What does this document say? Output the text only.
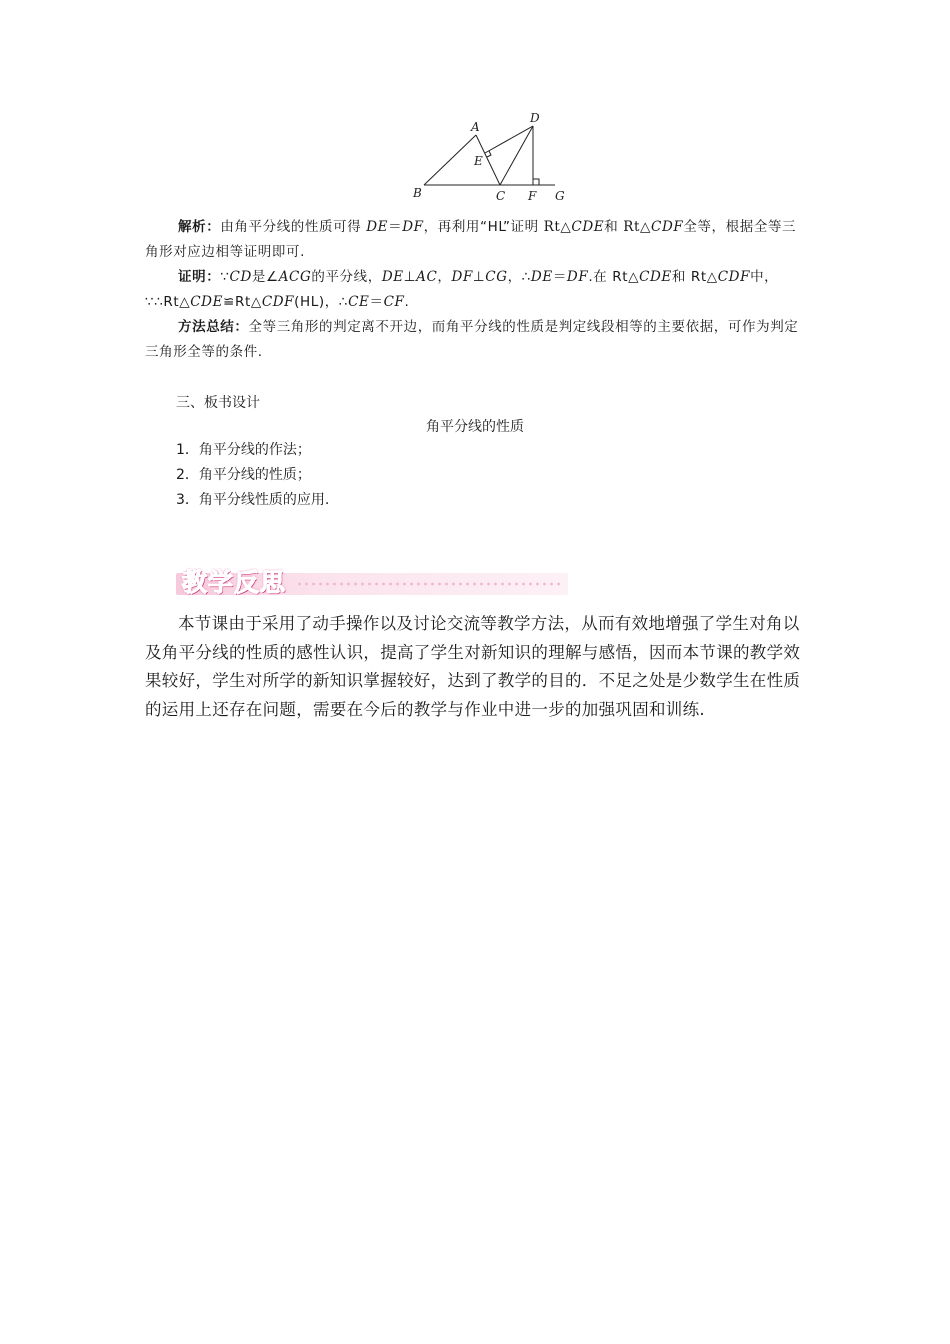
A
B	C
D
E
F G
解析：由角平分线的性质可得 DE＝DF，再利用“HL”证明 Rt△CDE和 Rt△CDF全等，根据全等三角形对应边相等证明即可.
证明：∵CD是∠ACG的平分线，DE⊥AC，DF⊥CG，∴DE＝DF.在 Rt△CDE和 Rt△CDF中，
∵∴Rt△CDE≌Rt△CDF(HL)，∴CE＝CF.
方法总结：全等三角形的判定离不开边，而角平分线的性质是判定线段相等的主要依据，可作为判定三角形全等的条件.
三、板书设计
角平分线的性质
1．角平分线的作法；
2．角平分线的性质；
3．角平分线性质的应用.
教学反思
本节课由于采用了动手操作以及讨论交流等教学方法，从而有效地增强了学生对角以及角平分线的性质的感性认识，提高了学生对新知识的理解与感悟，因而本节课的教学效果较好，学生对所学的新知识掌握较好，达到了教学的目的．不足之处是少数学生在性质的运用上还存在问题，需要在今后的教学与作业中进一步的加强巩固和训练.
